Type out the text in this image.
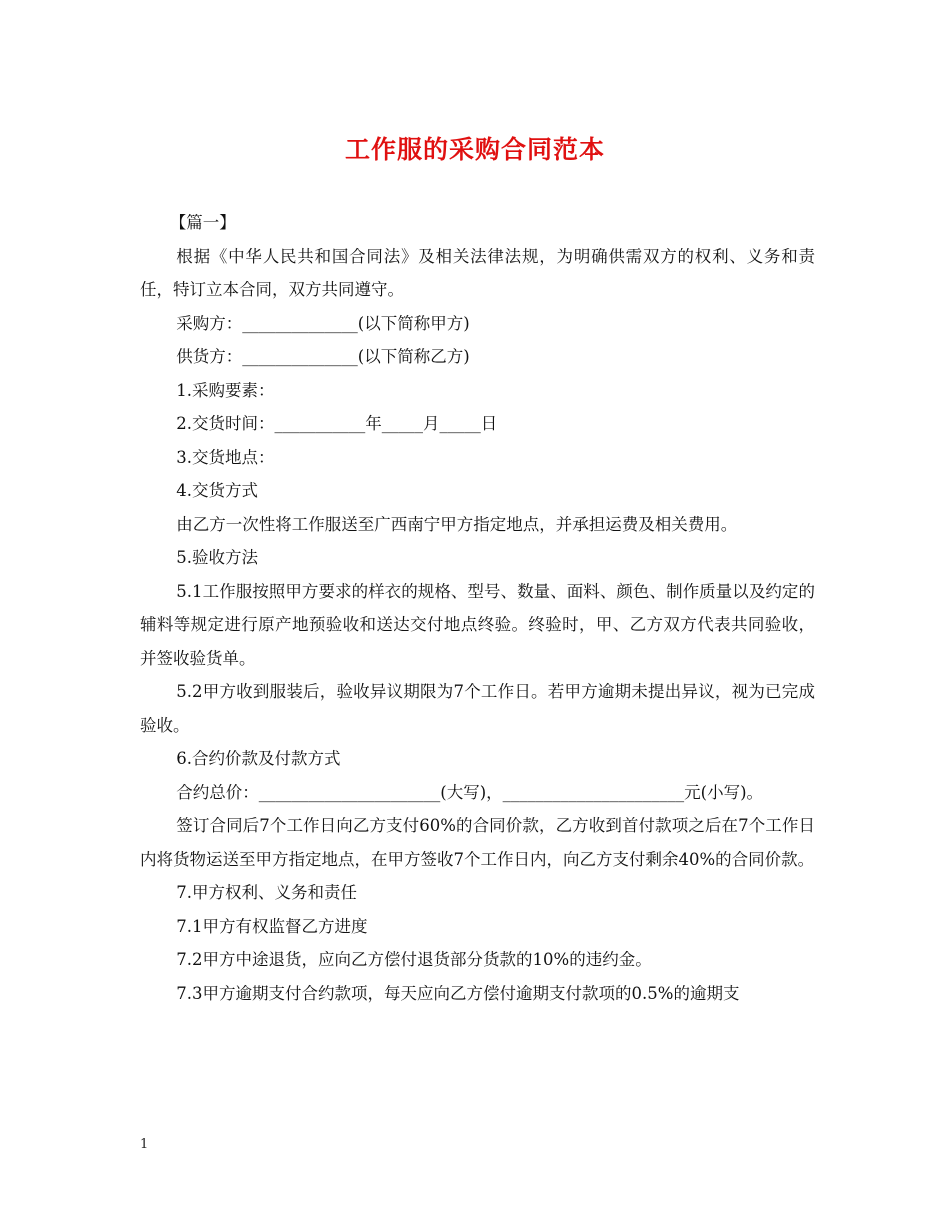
工作服的采购合同范本

【篇一】

根据《中华人民共和国合同法》及相关法律法规，为明确供需双方的权利、义务和责任，特订立本合同，双方共同遵守。

采购方：______________(以下简称甲方)

供货方：______________(以下简称乙方)

1.采购要素：

2.交货时间：___________年_____月_____日

3.交货地点：

4.交货方式

由乙方一次性将工作服送至广西南宁甲方指定地点，并承担运费及相关费用。

5.验收方法

5.1工作服按照甲方要求的样衣的规格、型号、数量、面料、颜色、制作质量以及约定的辅料等规定进行原产地预验收和送达交付地点终验。终验时，甲、乙方双方代表共同验收，并签收验货单。

5.2甲方收到服装后，验收异议期限为7个工作日。若甲方逾期未提出异议，视为已完成验收。

6.合约价款及付款方式

合约总价：______________________(大写)，______________________元(小写)。

签订合同后7个工作日向乙方支付60%的合同价款，乙方收到首付款项之后在7个工作日内将货物运送至甲方指定地点，在甲方签收7个工作日内，向乙方支付剩余40%的合同价款。

7.甲方权利、义务和责任

7.1甲方有权监督乙方进度

7.2甲方中途退货，应向乙方偿付退货部分货款的10%的违约金。

7.3甲方逾期支付合约款项，每天应向乙方偿付逾期支付款项的0.5%的逾期支

1
